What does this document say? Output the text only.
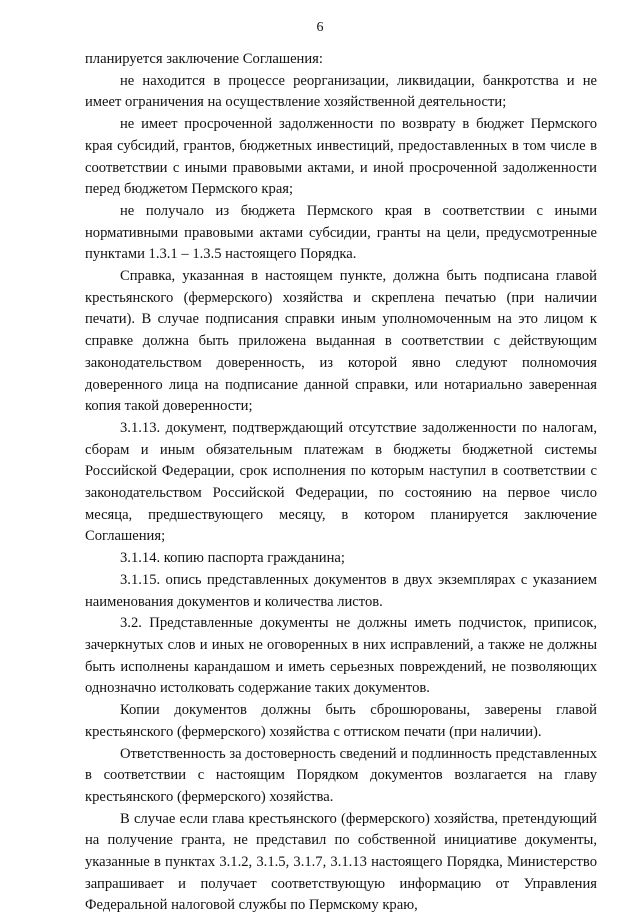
6

планируется заключение Соглашения:

не находится в процессе реорганизации, ликвидации, банкротства и не имеет ограничения на осуществление хозяйственной деятельности;

не имеет просроченной задолженности по возврату в бюджет Пермского края субсидий, грантов, бюджетных инвестиций, предоставленных в том числе в соответствии с иными правовыми актами, и иной просроченной задолженности перед бюджетом Пермского края;

не получало из бюджета Пермского края в соответствии с иными нормативными правовыми актами субсидии, гранты на цели, предусмотренные пунктами 1.3.1 – 1.3.5 настоящего Порядка.

Справка, указанная в настоящем пункте, должна быть подписана главой крестьянского (фермерского) хозяйства и скреплена печатью (при наличии печати). В случае подписания справки иным уполномоченным на это лицом к справке должна быть приложена выданная в соответствии с действующим законодательством доверенность, из которой явно следуют полномочия доверенного лица на подписание данной справки, или нотариально заверенная копия такой доверенности;

3.1.13. документ, подтверждающий отсутствие задолженности по налогам, сборам и иным обязательным платежам в бюджеты бюджетной системы Российской Федерации, срок исполнения по которым наступил в соответствии с законодательством Российской Федерации, по состоянию на первое число месяца, предшествующего месяцу, в котором планируется заключение Соглашения;

3.1.14. копию паспорта гражданина;

3.1.15. опись представленных документов в двух экземплярах с указанием наименования документов и количества листов.

3.2. Представленные документы не должны иметь подчисток, приписок, зачеркнутых слов и иных не оговоренных в них исправлений, а также не должны быть исполнены карандашом и иметь серьезных повреждений, не позволяющих однозначно истолковать содержание таких документов.

Копии документов должны быть сброшюрованы, заверены главой крестьянского (фермерского) хозяйства с оттиском печати (при наличии).

Ответственность за достоверность сведений и подлинность представленных в соответствии с настоящим Порядком документов возлагается на главу крестьянского (фермерского) хозяйства.

В случае если глава крестьянского (фермерского) хозяйства, претендующий на получение гранта, не представил по собственной инициативе документы, указанные в пунктах 3.1.2, 3.1.5, 3.1.7, 3.1.13 настоящего Порядка, Министерство запрашивает и получает соответствующую информацию от Управления Федеральной налоговой службы по Пермскому краю,
